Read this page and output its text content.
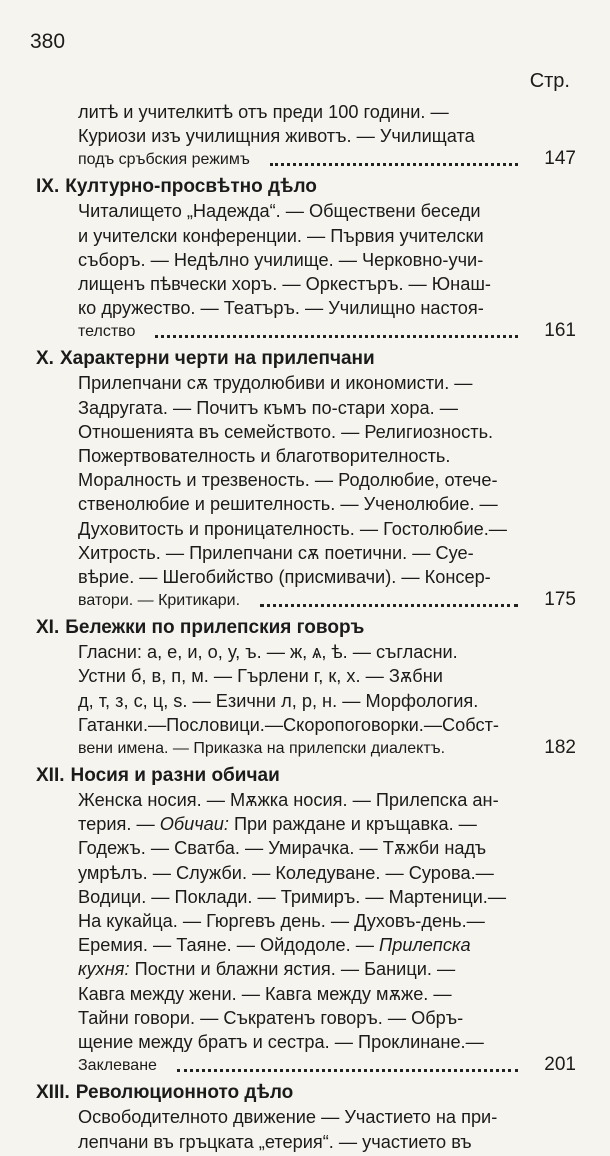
380
Стр.

литѣ и учителкитѣ отъ преди 100 години. —

Куриози изъ училищния животъ. — Училищата

подъ сръбския режимъ	147
IX. Културно-просвѣтно дѣло

Читалището „Надежда“. — Обществени беседи

и учителски конференции. — Първия учителски

съборъ. — Недѣлно училище. — Черковно-учи-

лищенъ пѣвчески хоръ. — Оркестъръ. — Юнаш-

ко дружество. — Театъръ. — Училищно настоя-

телство	161
X. Характерни черти на прилепчани

Прилепчани сѫ трудолюбиви и икономисти. —

Задругата. — Почитъ къмъ по-стари хора. —

Отношенията въ семейството. — Религиозность.

Пожертвователность и благотворителность.

Моралность и трезвеность. — Родолюбие, отече-

ственолюбие и решителность. — Ученолюбие. —

Духовитость и проницателность. — Гостолюбие.—

Хитрость. — Прилепчани сѫ поетични. — Суе-

вѣрие. — Шегобийство (присмивачи). — Консер-

ватори. — Критикари.	175
XI. Бележки по прилепския говоръ

Гласни: а, е, и, о, у, ъ. — ж, ѧ, ѣ. — съгласни.

Устни б, в, п, м. — Гърлени г, к, х. — Зѫбни

д, т, з, с, ц, ѕ. — Езични л, р, н. — Морфология.

Гатанки.—Пословици.—Скоропоговорки.—Собст-

вени имена. — Приказка на прилепски диалектъ.	182
XII. Носия и разни обичаи

Женска носия. — Мѫжка носия. — Прилепска ан-

терия. — Обичаи: При раждане и кръщавка. —

Годежъ. — Сватба. — Умирачка. — Тѫжби надъ

умрѣлъ. — Служби. — Коледуване. — Сурова.—

Водици. — Поклади. — Тримиръ. — Мартеници.—

На кукайца. — Гюргевъ день. — Духовъ-день.—

Еремия. — Таяне. — Ойдодоле. — Прилепска

кухня: Постни и блажни ястия. — Баници. —

Кавга между жени. — Кавга между мѫже. —

Тайни говори. — Съкратенъ говоръ. — Обръ-

щение между братъ и сестра. — Проклинане.—

Заклеване	201
XIII. Революционното дѣло

Освободителното движение — Участието на при-

лепчани въ гръцката „етерия“. — участието въ
